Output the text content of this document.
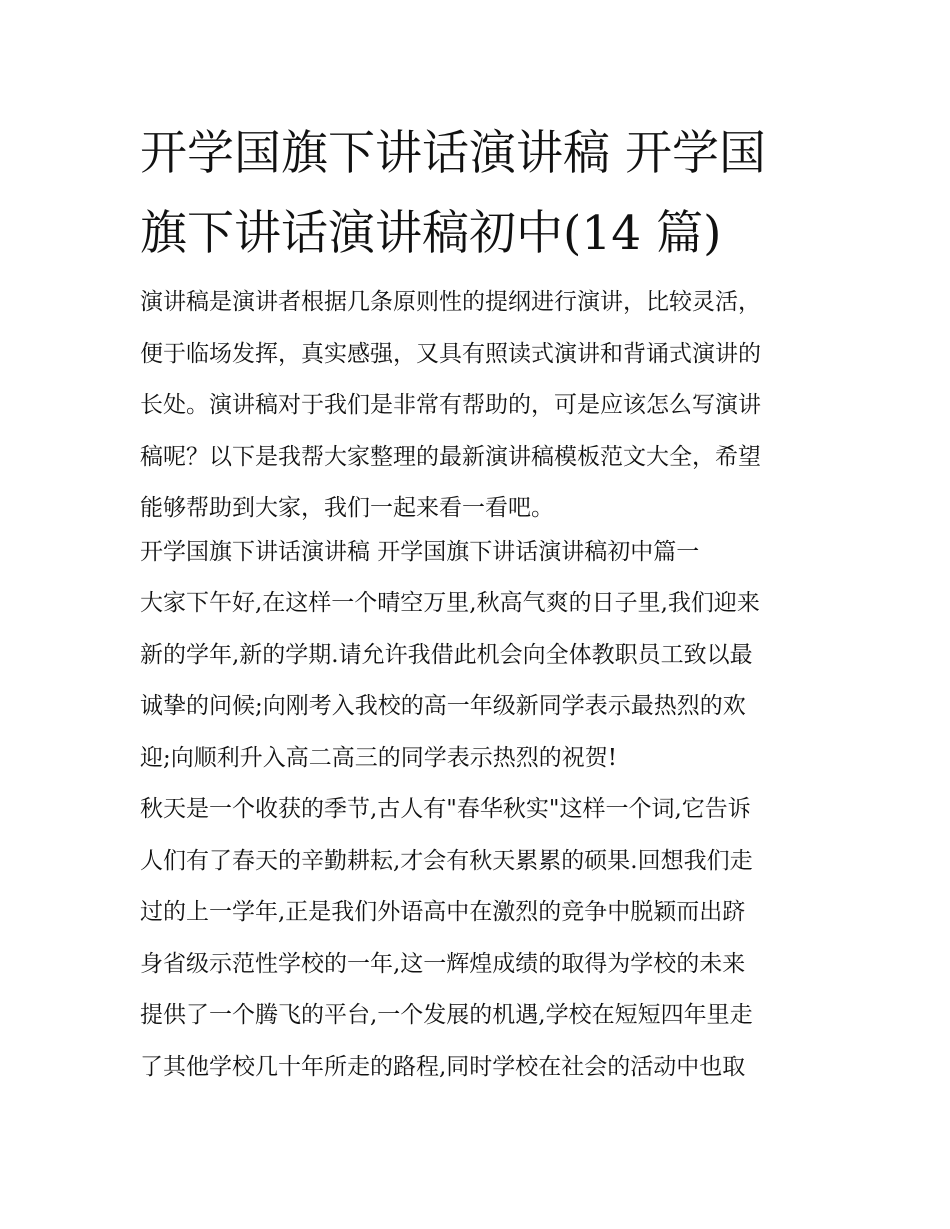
开学国旗下讲话演讲稿 开学国
旗下讲话演讲稿初中(14 篇)
演讲稿是演讲者根据几条原则性的提纲进行演讲，比较灵活，
便于临场发挥，真实感强，又具有照读式演讲和背诵式演讲的
长处。演讲稿对于我们是非常有帮助的，可是应该怎么写演讲
稿呢？以下是我帮大家整理的最新演讲稿模板范文大全，希望
能够帮助到大家，我们一起来看一看吧。
开学国旗下讲话演讲稿 开学国旗下讲话演讲稿初中篇一
大家下午好,在这样一个晴空万里,秋高气爽的日子里,我们迎来
新的学年,新的学期.请允许我借此机会向全体教职员工致以最
诚挚的问候;向刚考入我校的高一年级新同学表示最热烈的欢
迎;向顺利升入高二高三的同学表示热烈的祝贺!
秋天是一个收获的季节,古人有"春华秋实"这样一个词,它告诉
人们有了春天的辛勤耕耘,才会有秋天累累的硕果.回想我们走
过的上一学年,正是我们外语高中在激烈的竞争中脱颖而出跻
身省级示范性学校的一年,这一辉煌成绩的取得为学校的未来
提供了一个腾飞的平台,一个发展的机遇,学校在短短四年里走
了其他学校几十年所走的路程,同时学校在社会的活动中也取
